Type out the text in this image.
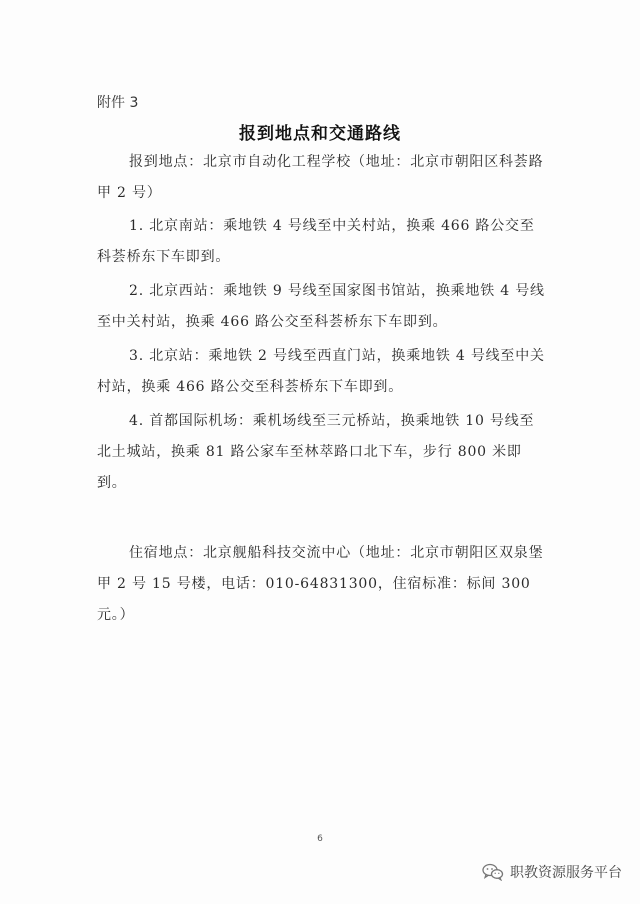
附件 3
报到地点和交通路线

报到地点：北京市自动化工程学校（地址：北京市朝阳区科荟路甲 2 号）

1. 北京南站：乘地铁 4 号线至中关村站，换乘 466 路公交至科荟桥东下车即到。

2. 北京西站：乘地铁 9 号线至国家图书馆站，换乘地铁 4 号线至中关村站，换乘 466 路公交至科荟桥东下车即到。

3. 北京站：乘地铁 2 号线至西直门站，换乘地铁 4 号线至中关村站，换乘 466 路公交至科荟桥东下车即到。

4. 首都国际机场：乘机场线至三元桥站，换乘地铁 10 号线至北土城站，换乘 81 路公家车至林萃路口北下车，步行 800 米即到。

住宿地点：北京舰船科技交流中心（地址：北京市朝阳区双泉堡甲 2 号 15 号楼，电话：010-64831300，住宿标准：标间 300 元。）

6
职教资源服务平台
